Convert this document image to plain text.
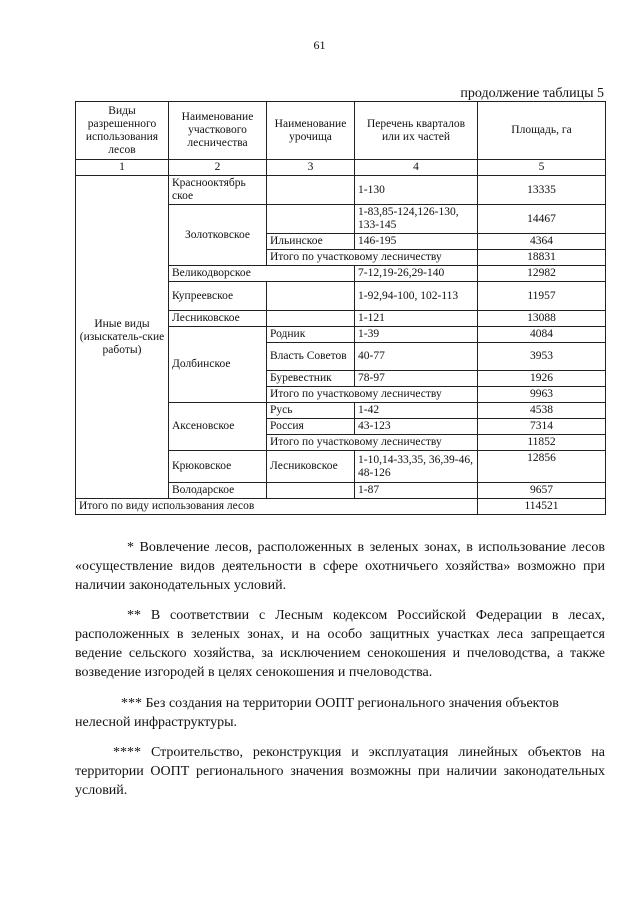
61
продолжение таблицы 5
Виды разрешенного использования лесов	Наименование участкового лесничества	Наименование урочища	Перечень кварталов или их частей	Площадь, га
1	2	3	4	5
Иные виды (изыскатель-ские работы)	Краснооктябрь ское		1-130	13335
	Золотковское		1-83,85-124,126-130, 133-145	14467
		Ильинское	146-195	4364
		Итого по участковому лесничеству		18831
	Великодворское		7-12,19-26,29-140	12982
	Купреевское		1-92,94-100, 102-113	11957
	Лесниковское		1-121	13088
	Долбинское	Родник	1-39	4084
		Власть Советов	40-77	3953
		Буревестник	78-97	1926
		Итого по участковому лесничеству		9963
	Аксеновское	Русь	1-42	4538
		Россия	43-123	7314
		Итого по участковому лесничеству		11852
	Крюковское	Лесниковское	1-10,14-33,35, 36,39-46, 48-126	12856
	Володарское		1-87	9657
Итого по виду использования лесов				114521

* Вовлечение лесов, расположенных в зеленых зонах, в использование лесов «осуществление видов деятельности в сфере охотничьего хозяйства» возможно при наличии законодательных условий.

** В соответствии с Лесным кодексом Российской Федерации в лесах, расположенных в зеленых зонах, и на особо защитных участках леса запрещается ведение сельского хозяйства, за исключением сенокошения и пчеловодства, а также возведение изгородей в целях сенокошения и пчеловодства.

*** Без создания на территории ООПТ регионального значения объектов нелесной инфраструктуры.

**** Строительство, реконструкция и эксплуатация линейных объектов на территории ООПТ регионального значения возможны при наличии законодательных условий.
